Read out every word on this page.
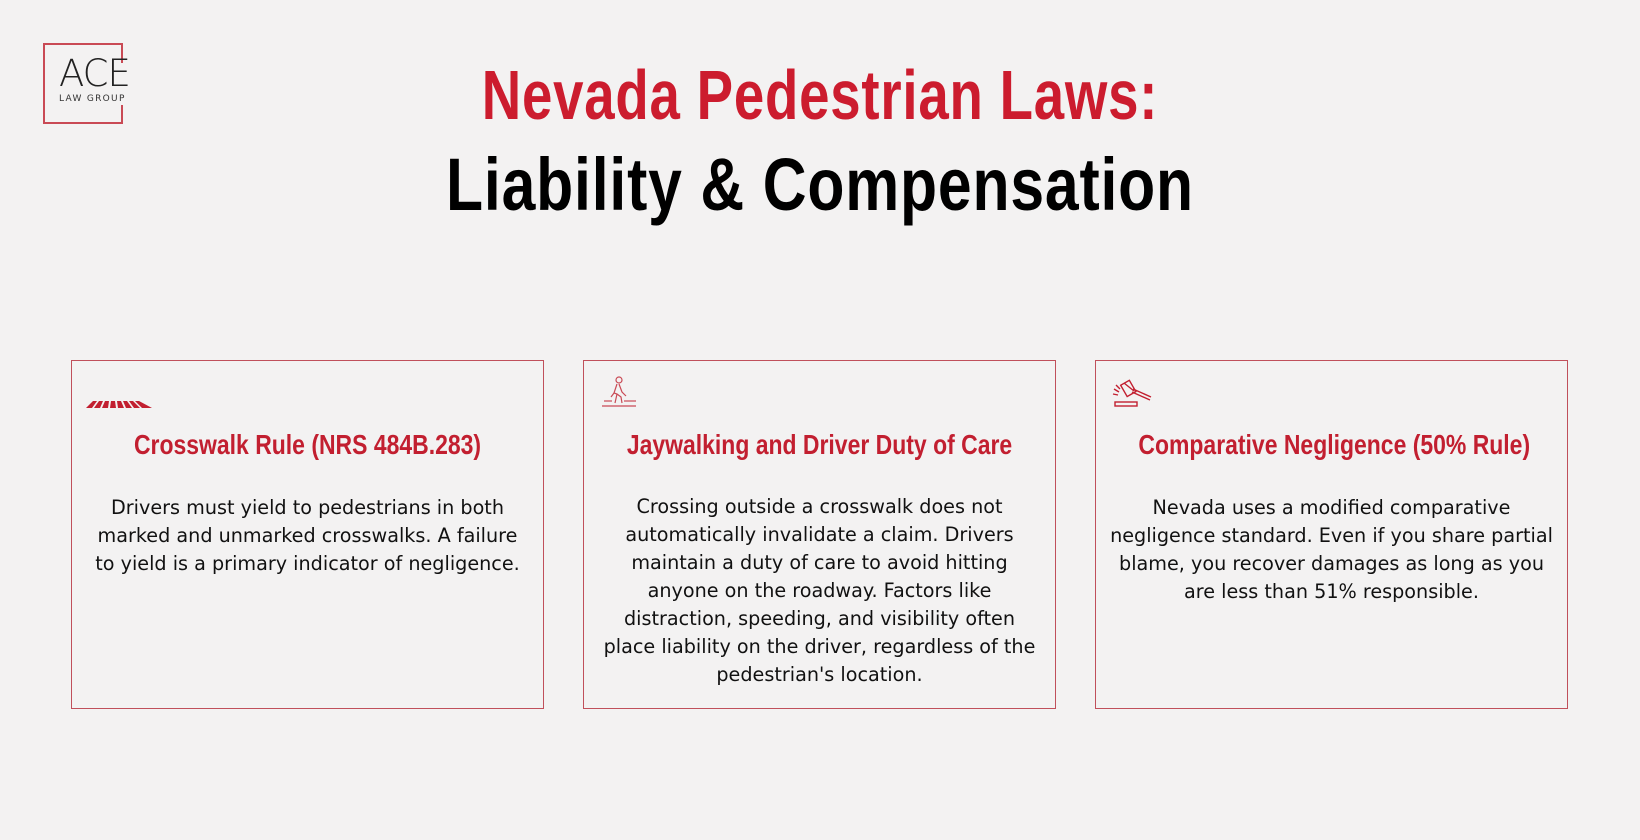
ACE
LAW GROUP	Nevada Pedestrian Laws:
Liability & Compensation
Crosswalk Rule (NRS 484B.283)
Drivers must yield to pedestrians in both marked and unmarked crosswalks. A failure to yield is a primary indicator of negligence.
Jaywalking and Driver Duty of Care
Crossing outside a crosswalk does not automatically invalidate a claim. Drivers maintain a duty of care to avoid hitting anyone on the roadway. Factors like distraction, speeding, and visibility often place liability on the driver, regardless of the pedestrian's location.
Comparative Negligence (50% Rule)
Nevada uses a modified comparative negligence standard. Even if you share partial blame, you recover damages as long as you are less than 51% responsible.
